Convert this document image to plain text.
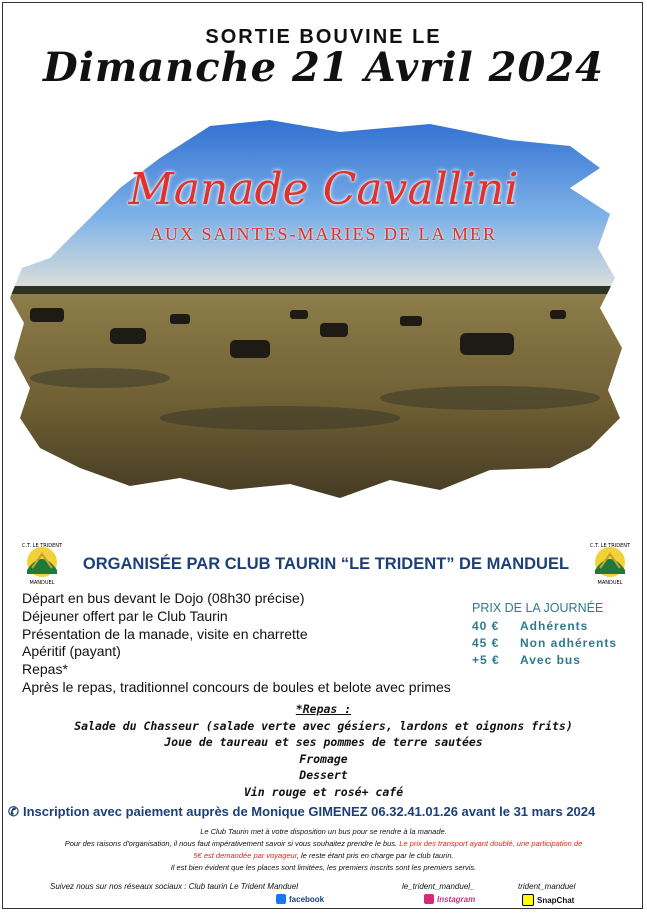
SORTIE BOUVINE LE
Dimanche 21 Avril 2024
Manade Cavallini
AUX SAINTES-MARIES DE LA MER
C.T. LE TRIDENT
MANDUEL
C.T. LE TRIDENT
MANDUEL
ORGANISÉE PAR CLUB TAURIN “LE TRIDENT” DE MANDUEL
Départ en bus devant le Dojo (08h30 précise)
Déjeuner offert par le Club Taurin
Présentation de la manade, visite en charrette
Apéritif (payant)
Repas*
Après le repas, traditionnel concours de boules et belote avec primes
PRIX DE LA JOURNÉE
40 € Adhérents
45 € Non adhérents
+5 € Avec bus
*Repas :
Salade du Chasseur (salade verte avec gésiers, lardons et oignons frits)
Joue de taureau et ses pommes de terre sautées
Fromage
Dessert
Vin rouge et rosé+ café
✆ Inscription avec paiement auprès de Monique GIMENEZ 06.32.41.01.26 avant le 31 mars 2024
Le Club Taurin met à votre disposition un bus pour se rendre à la manade.
Pour des raisons d'organisation, il nous faut impérativement savoir si vous souhaitez prendre le bus. Le prix des transport ayant doublé, une participation de
5€ est demandée par voyageur, le reste étant pris en charge par le club taurin.
Il est bien évident que les places sont limitées, les premiers inscrits sont les premiers servis.
Suivez nous sur nos réseaux sociaux : Club taurin Le Trident Manduel	le_trident_manduel_	trident_manduel
facebook	Instagram	SnapChat
